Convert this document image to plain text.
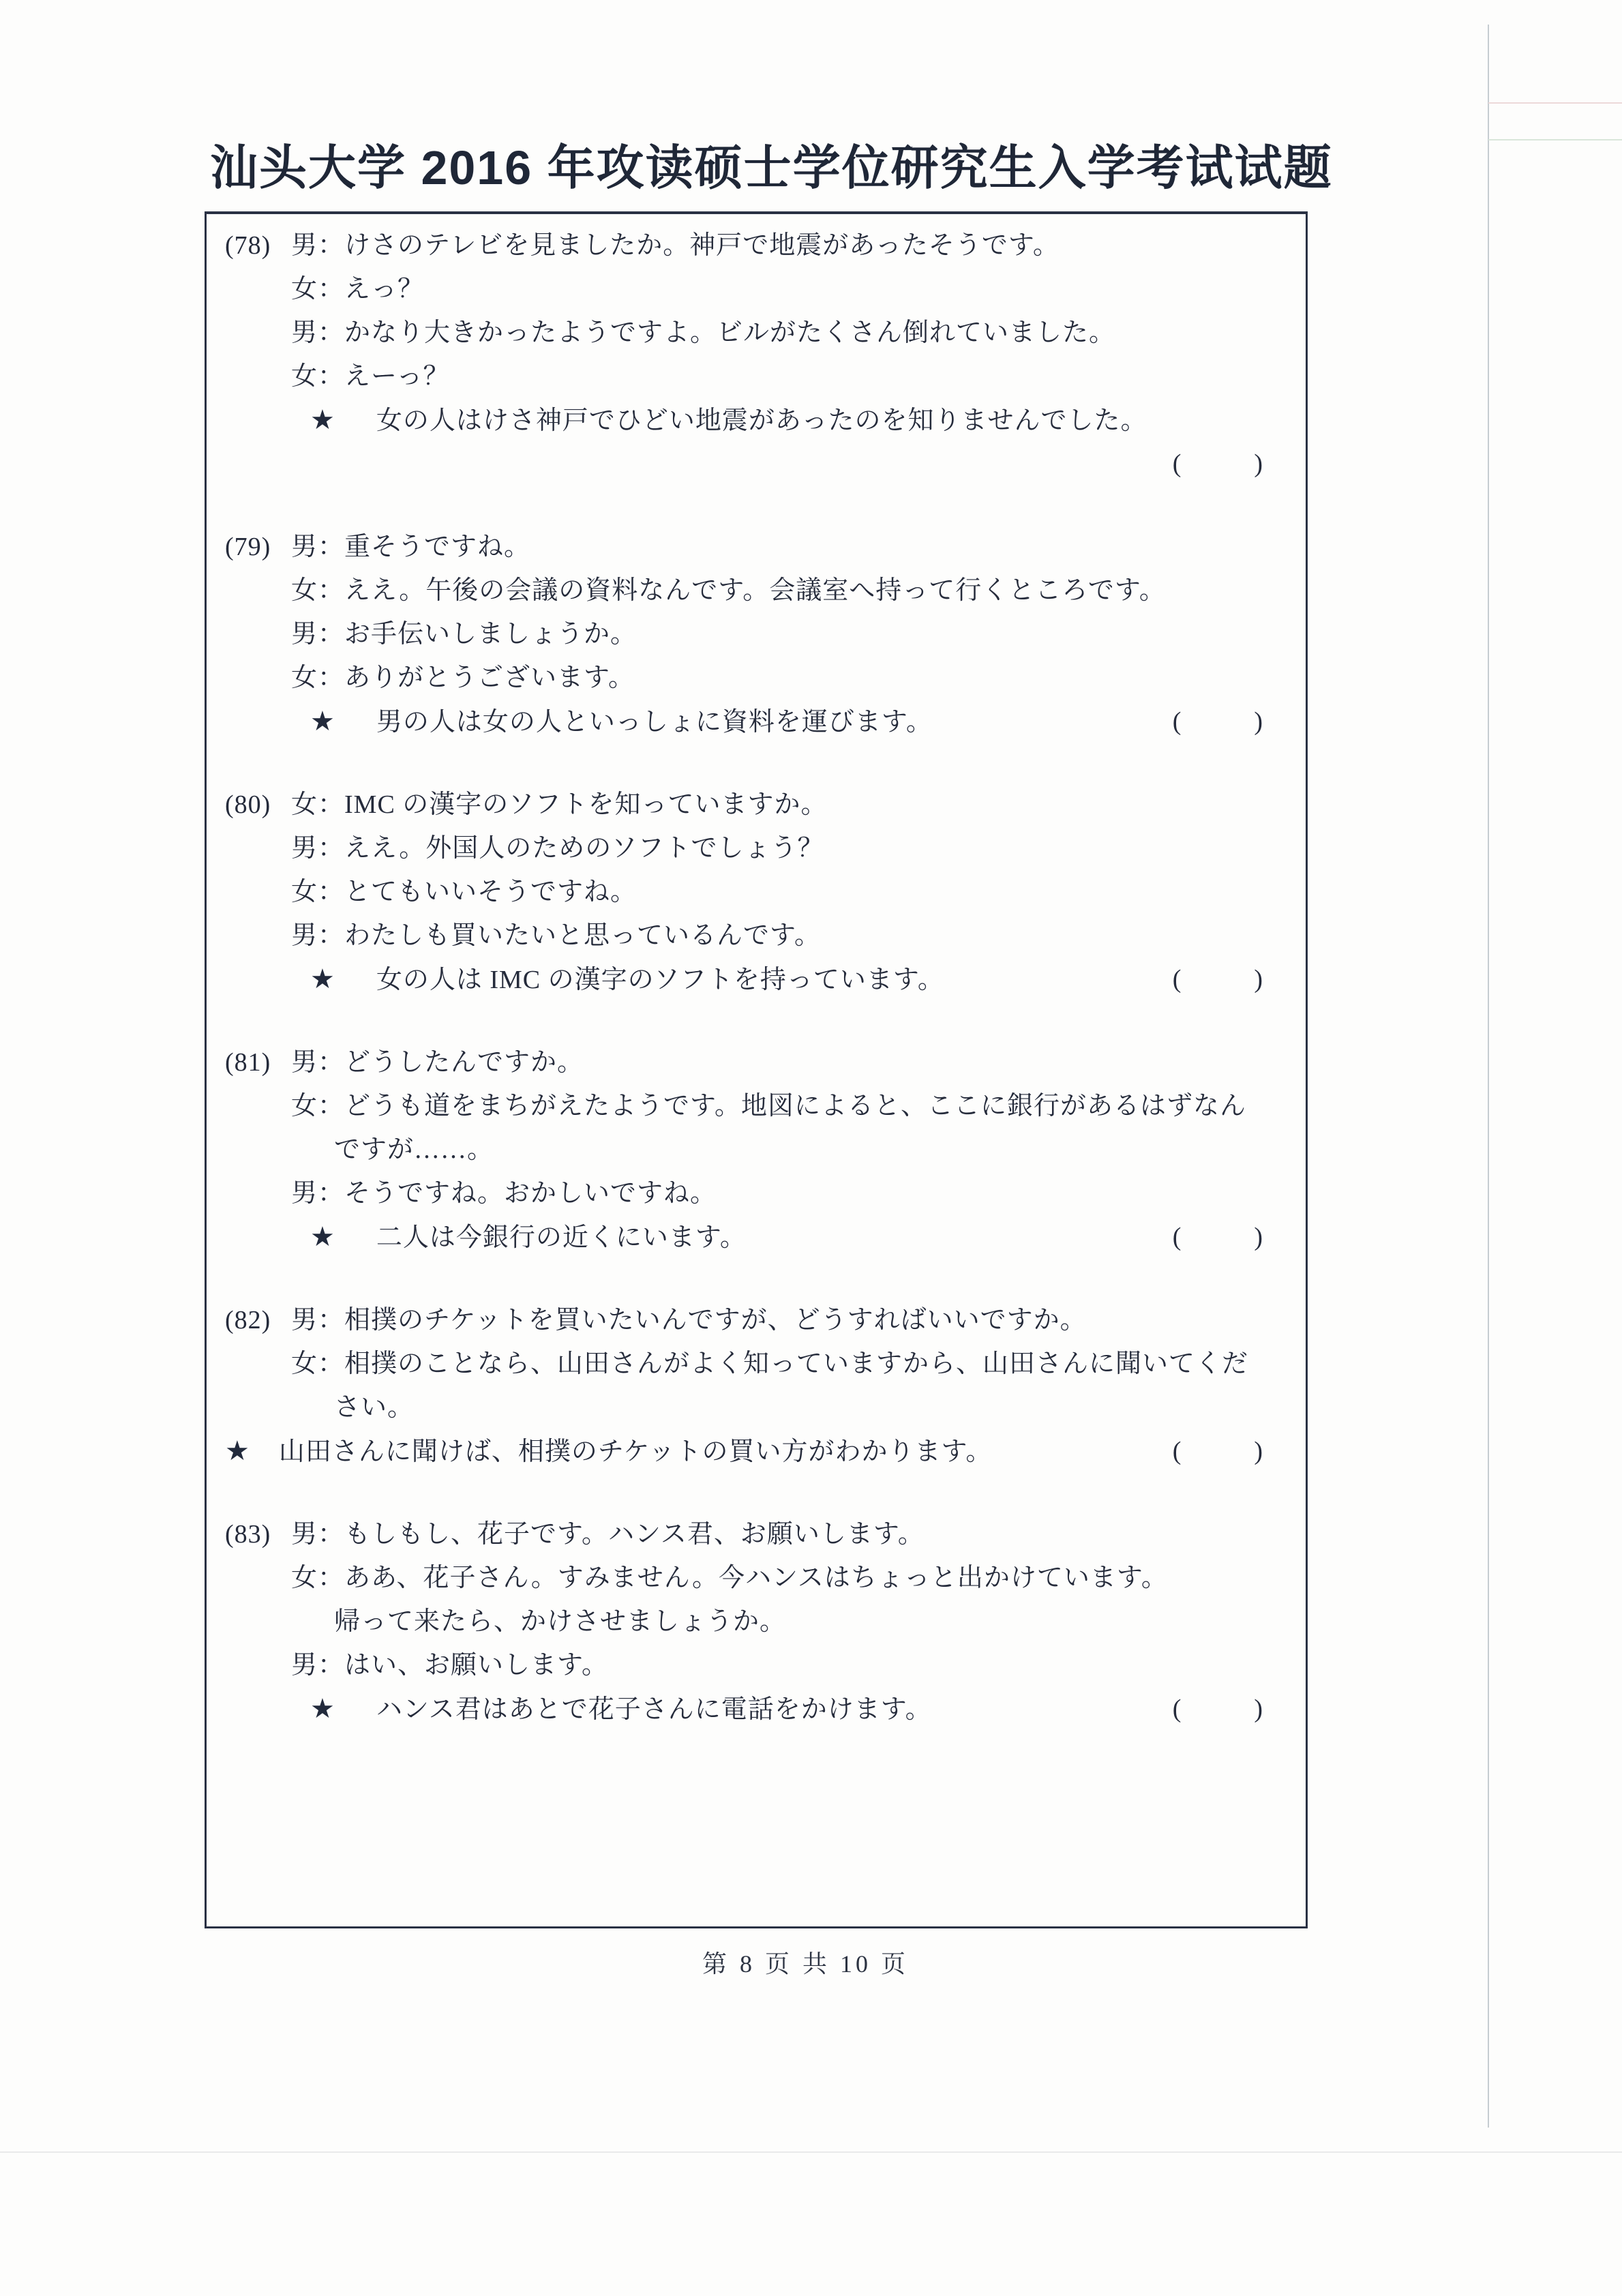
汕头大学 2016 年攻读硕士学位研究生入学考试试题
(78) 男：けさのテレビを見ましたか。神戸で地震があったそうです。
女：えっ？
男：かなり大きかったようですよ。ビルがたくさん倒れていました。
女：えーっ？
★ 女の人はけさ神戸でひどい地震があったのを知りませんでした。
(	)
(79) 男：重そうですね。
女：ええ。午後の会議の資料なんです。会議室へ持って行くところです。
男：お手伝いしましょうか。
女：ありがとうございます。
★ 男の人は女の人といっしょに資料を運びます。	(	)
(80) 女：IMC の漢字のソフトを知っていますか。
男：ええ。外国人のためのソフトでしょう？
女：とてもいいそうですね。
男：わたしも買いたいと思っているんです。
★ 女の人は IMC の漢字のソフトを持っています。	(	)
(81) 男：どうしたんですか。
女：どうも道をまちがえたようです。地図によると、ここに銀行があるはずなん
ですが……。
男：そうですね。おかしいですね。
★ 二人は今銀行の近くにいます。	(	)
(82) 男：相撲のチケットを買いたいんですが、どうすればいいですか。
女：相撲のことなら、山田さんがよく知っていますから、山田さんに聞いてくだ
さい。
★ 山田さんに聞けば、相撲のチケットの買い方がわかります。	(	)
(83) 男：もしもし、花子です。ハンス君、お願いします。
女：ああ、花子さん。すみません。今ハンスはちょっと出かけています。
帰って来たら、かけさせましょうか。
男：はい、お願いします。
★ ハンス君はあとで花子さんに電話をかけます。	(	)
第 8 页 共 10 页
